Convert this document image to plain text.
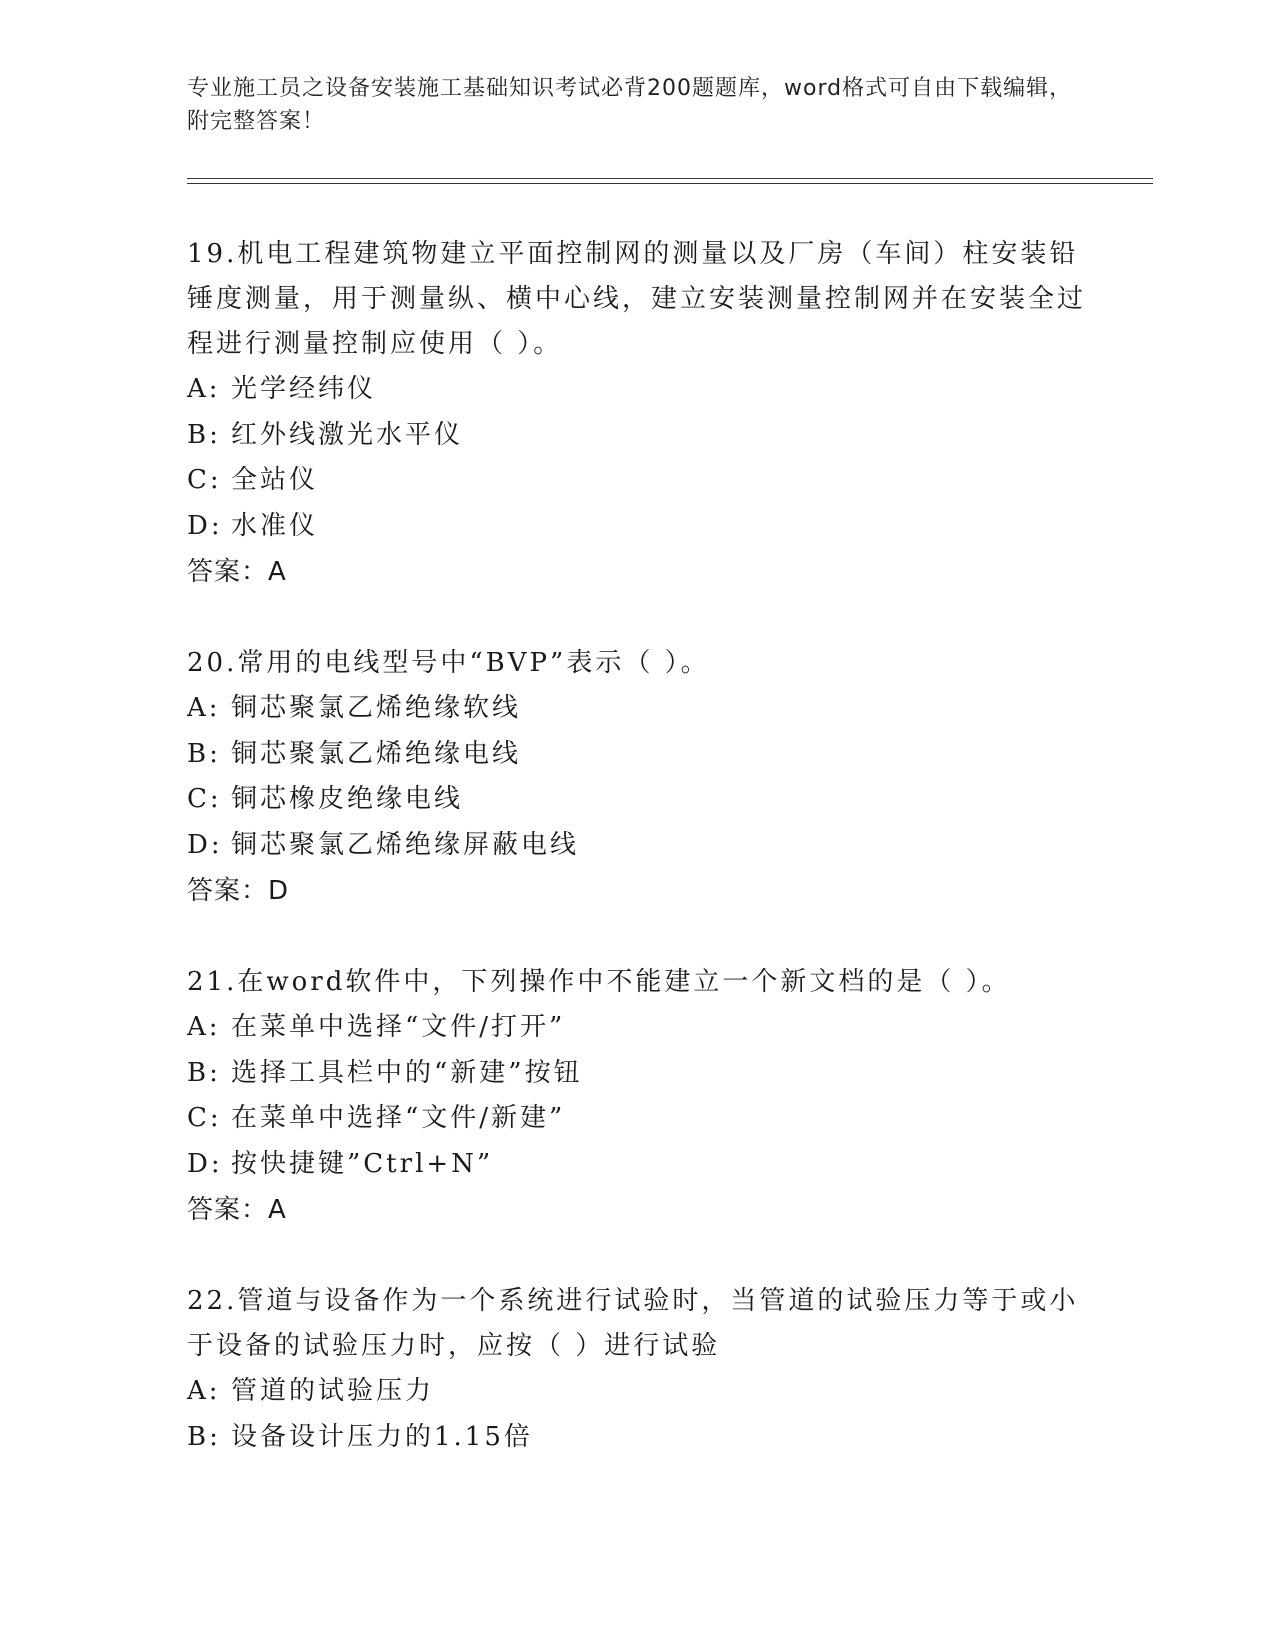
专业施工员之设备安装施工基础知识考试必背200题题库，word格式可自由下载编辑，附完整答案！

19.机电工程建筑物建立平面控制网的测量以及厂房（车间）柱安装铅锤度测量，用于测量纵、横中心线，建立安装测量控制网并在安装全过程进行测量控制应使用（ ）。

A: 光学经纬仪

B: 红外线激光水平仪

C: 全站仪

D: 水准仪

答案：A

20.常用的电线型号中“BVP”表示（ ）。

A: 铜芯聚氯乙烯绝缘软线

B: 铜芯聚氯乙烯绝缘电线

C: 铜芯橡皮绝缘电线

D: 铜芯聚氯乙烯绝缘屏蔽电线

答案：D

21.在word软件中，下列操作中不能建立一个新文档的是（ ）。

A: 在菜单中选择“文件/打开”

B: 选择工具栏中的“新建”按钮

C: 在菜单中选择“文件/新建”

D: 按快捷键”Ctrl+N”

答案：A

22.管道与设备作为一个系统进行试验时，当管道的试验压力等于或小于设备的试验压力时，应按（ ）进行试验

A: 管道的试验压力

B: 设备设计压力的1.15倍
